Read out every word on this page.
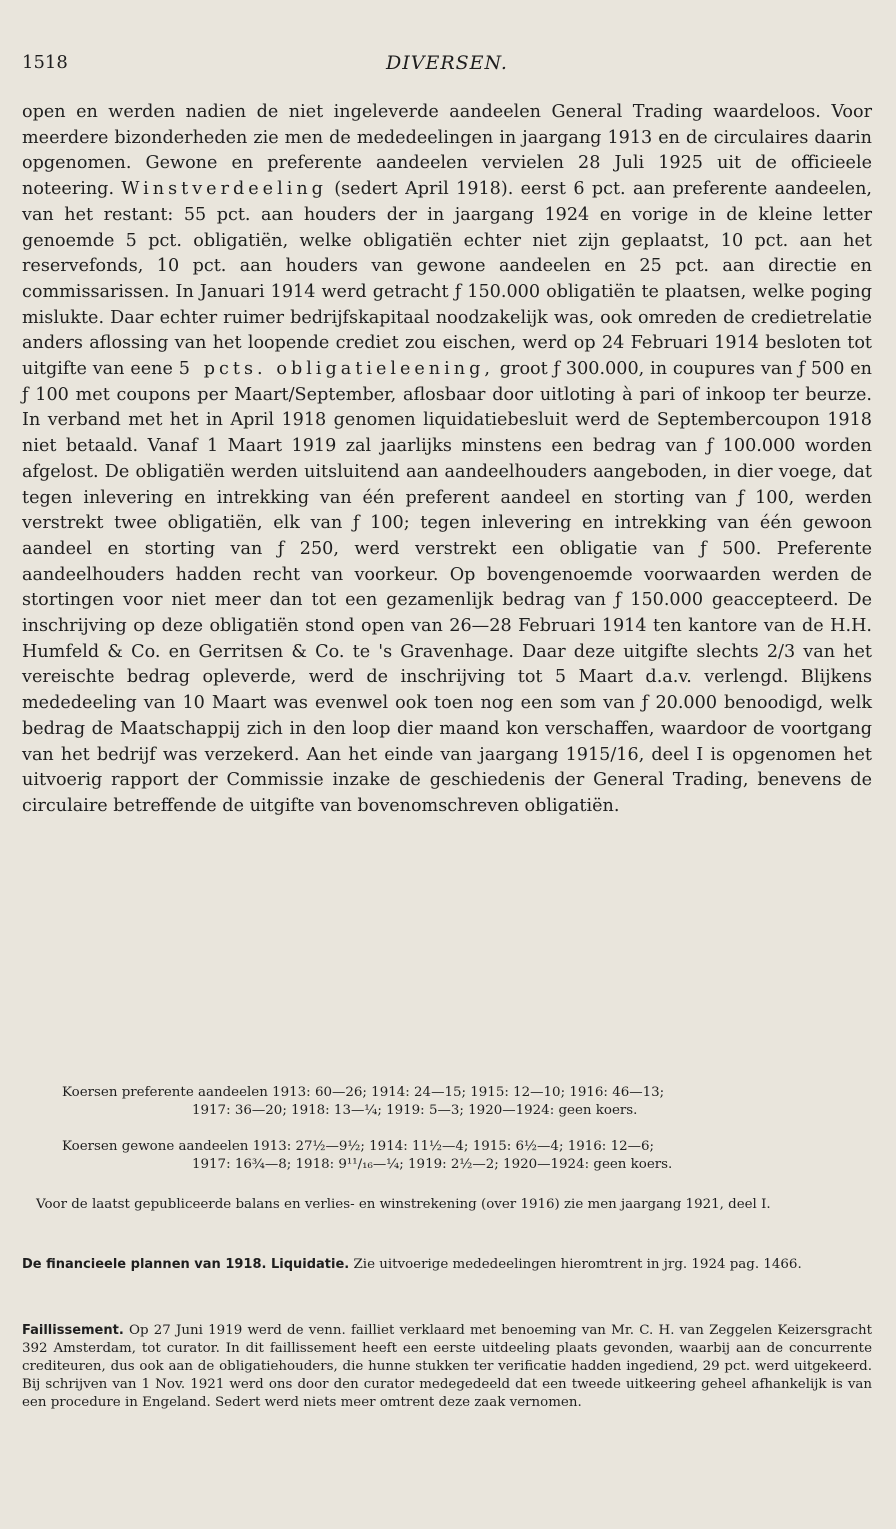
1518	DIVERSEN.
open en werden nadien de niet ingeleverde aandeelen General Trading waardeloos. Voor meerdere bizonderheden zie men de mededeelingen in jaargang 1913 en de circulaires daarin opgenomen. Gewone en preferente aandeelen vervielen 28 Juli 1925 uit de officieele noteering. Winstverdeeling (sedert April 1918). eerst 6 pct. aan preferente aandeelen, van het restant: 55 pct. aan houders der in jaargang 1924 en vorige in de kleine letter genoemde 5 pct. obligatiën, welke obligatiën echter niet zijn geplaatst, 10 pct. aan het reservefonds, 10 pct. aan houders van gewone aandeelen en 25 pct. aan directie en commissarissen. In Januari 1914 werd getracht ƒ 150.000 obligatiën te plaatsen, welke poging mislukte. Daar echter ruimer bedrijfskapitaal noodzakelijk was, ook omreden de credietrelatie anders aflossing van het loopende crediet zou eischen, werd op 24 Februari 1914 besloten tot uitgifte van eene 5 pcts. obligatieleening, groot ƒ 300.000, in coupures van ƒ 500 en ƒ 100 met coupons per Maart/September, aflosbaar door uitloting à pari of inkoop ter beurze. In verband met het in April 1918 genomen liquidatiebesluit werd de Septembercoupon 1918 niet betaald. Vanaf 1 Maart 1919 zal jaarlijks minstens een bedrag van ƒ 100.000 worden afgelost. De obligatiën werden uitsluitend aan aandeelhouders aangeboden, in dier voege, dat tegen inlevering en intrekking van één preferent aandeel en storting van ƒ 100, werden verstrekt twee obligatiën, elk van ƒ 100; tegen inlevering en intrekking van één gewoon aandeel en storting van ƒ 250, werd verstrekt een obligatie van ƒ 500. Preferente aandeelhouders hadden recht van voorkeur. Op bovengenoemde voorwaarden werden de stortingen voor niet meer dan tot een gezamenlijk bedrag van ƒ 150.000 geaccepteerd. De inschrijving op deze obligatiën stond open van 26—28 Februari 1914 ten kantore van de H.H. Humfeld & Co. en Gerritsen & Co. te 's Gravenhage. Daar deze uitgifte slechts 2/3 van het vereischte bedrag opleverde, werd de inschrijving tot 5 Maart d.a.v. verlengd. Blijkens mededeeling van 10 Maart was evenwel ook toen nog een som van ƒ 20.000 benoodigd, welk bedrag de Maatschappij zich in den loop dier maand kon verschaffen, waardoor de voortgang van het bedrijf was verzekerd. Aan het einde van jaargang 1915/16, deel I is opgenomen het uitvoerig rapport der Commissie inzake de geschiedenis der General Trading, benevens de circulaire betreffende de uitgifte van bovenomschreven obligatiën.
Koersen preferente aandeelen 1913: 60—26; 1914: 24—15; 1915: 12—10; 1916: 46—13;
1917: 36—20; 1918: 13—¼; 1919: 5—3; 1920—1924: geen koers.
Koersen gewone aandeelen 1913: 27½—9½; 1914: 11½—4; 1915: 6½—4; 1916: 12—6;
1917: 16¾—8; 1918: 9¹¹/₁₆—¼; 1919: 2½—2; 1920—1924: geen koers.
Voor de laatst gepubliceerde balans en verlies- en winstrekening (over 1916) zie men jaargang 1921, deel I.
De financieele plannen van 1918. Liquidatie. Zie uitvoerige mededeelingen hieromtrent in jrg. 1924 pag. 1466.
Faillissement. Op 27 Juni 1919 werd de venn. failliet verklaard met benoeming van Mr. C. H. van Zeggelen Keizersgracht 392 Amsterdam, tot curator. In dit faillissement heeft een eerste uitdeeling plaats gevonden, waarbij aan de concurrente crediteuren, dus ook aan de obligatiehouders, die hunne stukken ter verificatie hadden ingediend, 29 pct. werd uitgekeerd. Bij schrijven van 1 Nov. 1921 werd ons door den curator medegedeeld dat een tweede uitkeering geheel afhankelijk is van een procedure in Engeland. Sedert werd niets meer omtrent deze zaak vernomen.
